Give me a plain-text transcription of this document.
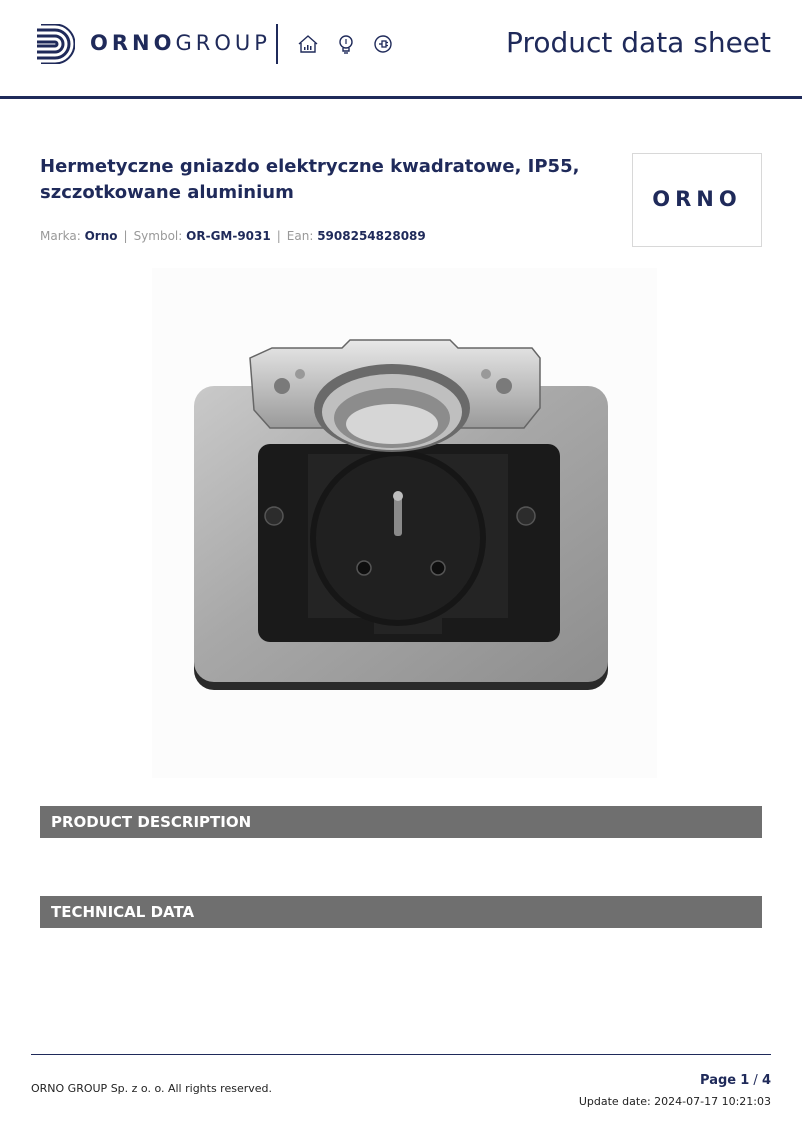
ORNOGROUP	Product data sheet
Hermetyczne gniazdo elektryczne kwadratowe, IP55,
szczotkowane aluminium	ORNO
Marka: Orno | Symbol: OR-GM-9031 | Ean: 5908254828089
PRODUCT DESCRIPTION
TECHNICAL DATA
ORNO GROUP Sp. z o. o. All rights reserved.
Page 1 / 4
Update date: 2024-07-17 10:21:03
